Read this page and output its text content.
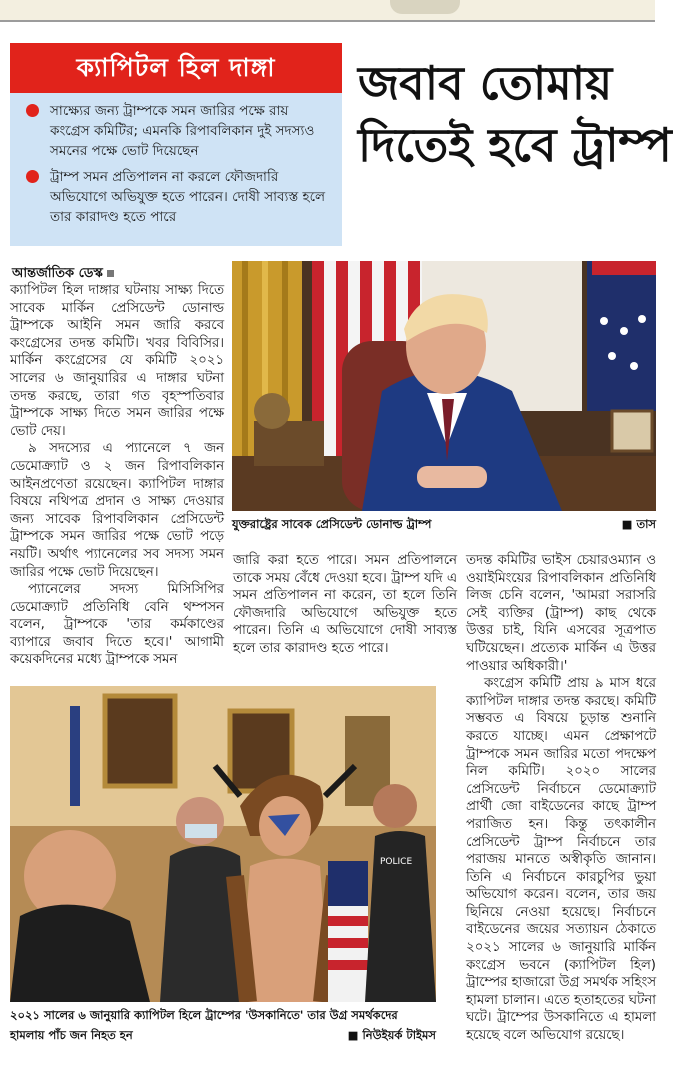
ক্যাপিটল হিল দাঙ্গা
সাক্ষ্যের জন্য ট্রাম্পকে সমন জারির পক্ষে রায় কংগ্রেস কমিটির; এমনকি রিপাবলিকান দুই সদস্যও সমনের পক্ষে ভোট দিয়েছেন
ট্রাম্প সমন প্রতিপালন না করলে ফৌজদারি অভিযোগে অভিযুক্ত হতে পারেন। দোষী সাব্যস্ত হলে তার কারাদণ্ড হতে পারে
জবাব তোমায় দিতেই হবে ট্রাম্প
আন্তর্জাতিক ডেস্ক

ক্যাপিটল হিল দাঙ্গার ঘটনায় সাক্ষ্য দিতে সাবেক মার্কিন প্রেসিডেন্ট ডোনাল্ড ট্রাম্পকে আইনি সমন জারি করবে কংগ্রেসের তদন্ত কমিটি। খবর বিবিসির। মার্কিন কংগ্রেসের যে কমিটি ২০২১ সালের ৬ জানুয়ারির এ দাঙ্গার ঘটনা তদন্ত করছে, তারা গত বৃহস্পতিবার ট্রাম্পকে সাক্ষ্য দিতে সমন জারির পক্ষে ভোট দেয়।

৯ সদস্যের এ প্যানেলে ৭ জন ডেমোক্র্যাট ও ২ জন রিপাবলিকান আইনপ্রণেতা রয়েছেন। ক্যাপিটল দাঙ্গার বিষয়ে নথিপত্র প্রদান ও সাক্ষ্য দেওয়ার জন্য সাবেক রিপাবলিকান প্রেসিডেন্ট ট্রাম্পকে সমন জারির পক্ষে ভোট পড়ে নয়টি। অর্থাৎ প্যানেলের সব সদস্য সমন জারির পক্ষে ভোট দিয়েছেন।

প্যানেলের সদস্য মিসিসিপির ডেমোক্র্যাট প্রতিনিধি বেনি থম্পসন বলেন, ট্রাম্পকে 'তার কর্মকাণ্ডের ব্যাপারে জবাব দিতে হবে।' আগামী কয়েকদিনের মধ্যে ট্রাম্পকে সমন

যুক্তরাষ্ট্রের সাবেক প্রেসিডেন্ট ডোনাল্ড ট্রাম্প	■ তাস

জারি করা হতে পারে। সমন প্রতিপালনে তাকে সময় বেঁধে দেওয়া হবে। ট্রাম্প যদি এ সমন প্রতিপালন না করেন, তা হলে তিনি ফৌজদারি অভিযোগে অভিযুক্ত হতে পারেন। তিনি এ অভিযোগে দোষী সাব্যস্ত হলে তার কারাদণ্ড হতে পারে।

তদন্ত কমিটির ভাইস চেয়ারওম্যান ও ওয়াইমিংয়ের রিপাবলিকান প্রতিনিধি লিজ চেনি বলেন, 'আমরা সরাসরি সেই ব্যক্তির (ট্রাম্প) কাছ থেকে উত্তর চাই, যিনি এসবের সূত্রপাত ঘটিয়েছেন। প্রত্যেক মার্কিন এ উত্তর পাওয়ার অধিকারী।'

কংগ্রেস কমিটি প্রায় ৯ মাস ধরে ক্যাপিটল দাঙ্গার তদন্ত করছে। কমিটি সম্ভবত এ বিষয়ে চূড়ান্ত শুনানি করতে যাচ্ছে। এমন প্রেক্ষাপটে ট্রাম্পকে সমন জারির মতো পদক্ষেপ নিল কমিটি। ২০২০ সালের প্রেসিডেন্ট নির্বাচনে ডেমোক্র্যাট প্রার্থী জো বাইডেনের কাছে ট্রাম্প পরাজিত হন। কিন্তু তৎকালীন প্রেসিডেন্ট ট্রাম্প নির্বাচনে তার পরাজয় মানতে অস্বীকৃতি জানান। তিনি এ নির্বাচনে কারচুপির ভুয়া অভিযোগ করেন। বলেন, তার জয় ছিনিয়ে নেওয়া হয়েছে। নির্বাচনে বাইডেনের জয়ের সত্যায়ন ঠেকাতে ২০২১ সালের ৬ জানুয়ারি মার্কিন কংগ্রেস ভবনে (ক্যাপিটল হিল) ট্রাম্পের হাজারো উগ্র সমর্থক সহিংস হামলা চালান। এতে হতাহতের ঘটনা ঘটে। ট্রাম্পের উসকানিতে এ হামলা হয়েছে বলে অভিযোগ রয়েছে।

POLICE
২০২১ সালের ৬ জানুয়ারি ক্যাপিটল হিলে ট্রাম্পের 'উসকানিতে' তার উগ্র সমর্থকদের
হামলায় পাঁচ জন নিহত হন	■ নিউইয়র্ক টাইমস
